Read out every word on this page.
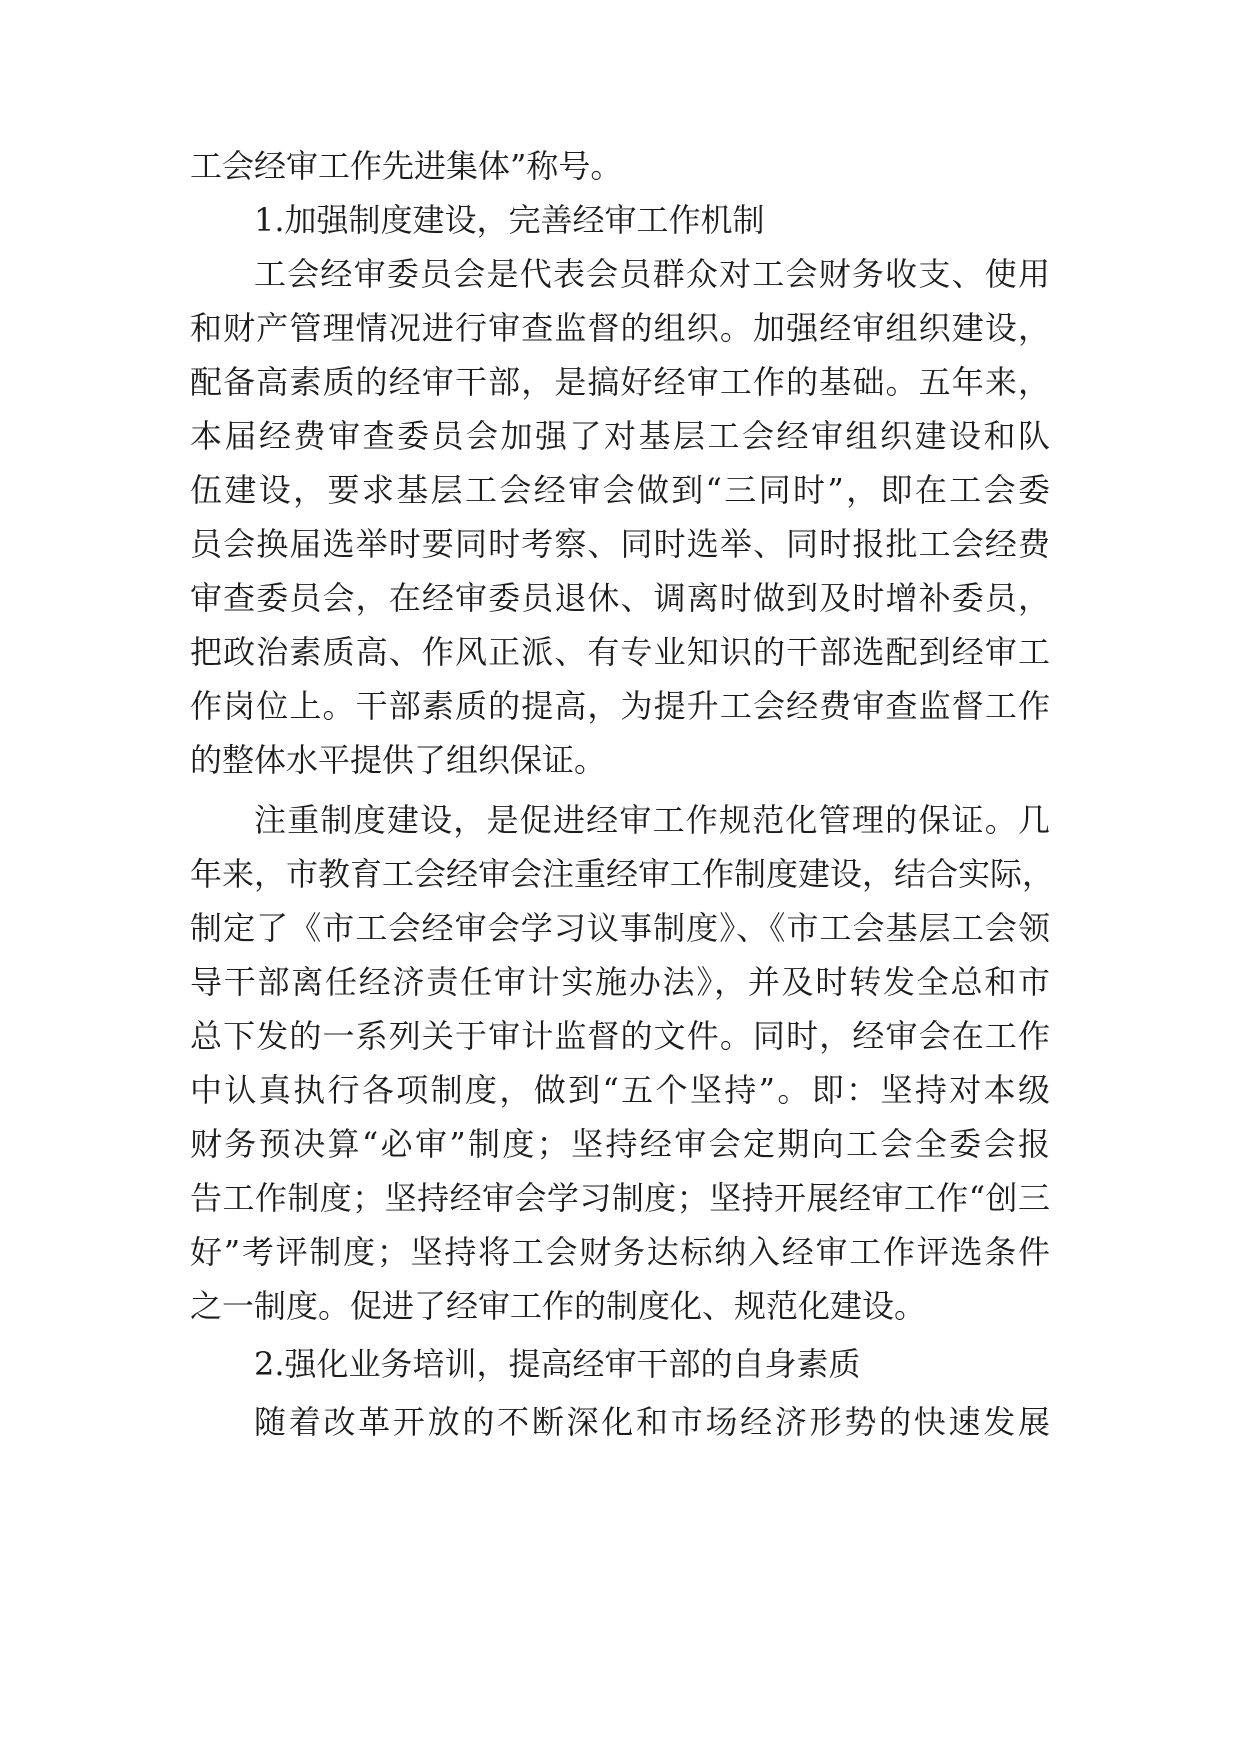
工会经审工作先进集体”称号。
1.加强制度建设，完善经审工作机制
工会经审委员会是代表会员群众对工会财务收支、使用
和财产管理情况进行审查监督的组织。加强经审组织建设，
配备高素质的经审干部，是搞好经审工作的基础。五年来，
本届经费审查委员会加强了对基层工会经审组织建设和队
伍建设，要求基层工会经审会做到“三同时”，即在工会委
员会换届选举时要同时考察、同时选举、同时报批工会经费
审查委员会，在经审委员退休、调离时做到及时增补委员，
把政治素质高、作风正派、有专业知识的干部选配到经审工
作岗位上。干部素质的提高，为提升工会经费审查监督工作
的整体水平提供了组织保证。
注重制度建设，是促进经审工作规范化管理的保证。几
年来，市教育工会经审会注重经审工作制度建设，结合实际，
制定了《市工会经审会学习议事制度》、《市工会基层工会领
导干部离任经济责任审计实施办法》，并及时转发全总和市
总下发的一系列关于审计监督的文件。同时，经审会在工作
中认真执行各项制度，做到“五个坚持”。即：坚持对本级
财务预决算“必审”制度；坚持经审会定期向工会全委会报
告工作制度；坚持经审会学习制度；坚持开展经审工作“创三
好”考评制度；坚持将工会财务达标纳入经审工作评选条件
之一制度。促进了经审工作的制度化、规范化建设。
2.强化业务培训，提高经审干部的自身素质
随着改革开放的不断深化和市场经济形势的快速发展
